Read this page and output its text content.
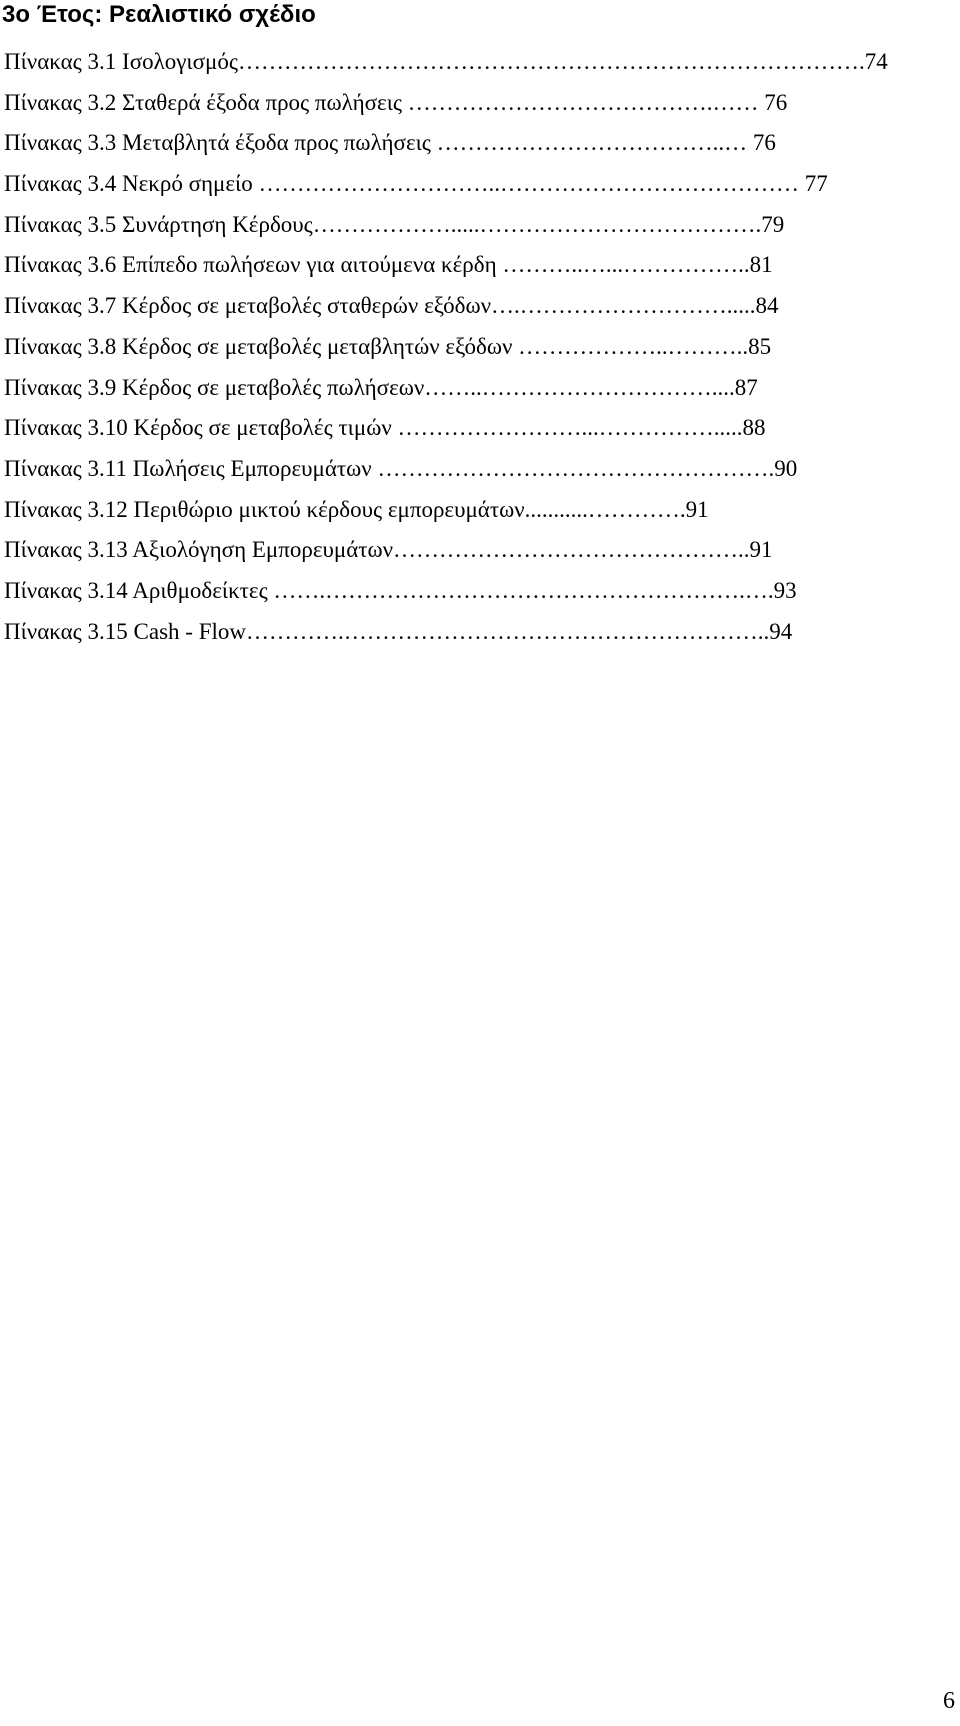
3ο Έτος: Ρεαλιστικό σχέδιο
Πίνακας 3.1 Ισολογισμός……………………………………………………………………….74
Πίνακας 3.2 Σταθερά έξοδα προς πωλήσεις ………………………………….…… 76
Πίνακας 3.3 Μεταβλητά έξοδα προς πωλήσεις ………………………………..… 76
Πίνακας 3.4 Νεκρό σημείο …………………………..………………………………… 77
Πίνακας 3.5 Συνάρτηση Κέρδους……………….....……………………………….79
Πίνακας 3.6 Επίπεδο πωλήσεων για αιτούμενα κέρδη ………..…...……………..81
Πίνακας 3.7 Κέρδος σε μεταβολές σταθερών εξόδων….……………………….....84
Πίνακας 3.8 Κέρδος σε μεταβολές μεταβλητών εξόδων ………………..………..85
Πίνακας 3.9 Κέρδος σε μεταβολές πωλήσεων……..…………………………....87
Πίνακας 3.10 Κέρδος σε μεταβολές τιμών ……………………...…………….....88
Πίνακας 3.11 Πωλήσεις Εμπορευμάτων …………………………………………….90
Πίνακας 3.12 Περιθώριο μικτού κέρδους εμπορευμάτων...........………….91
Πίνακας 3.13 Αξιολόγηση Εμπορευμάτων………………………………………..91
Πίνακας 3.14 Αριθμοδείκτες …….……………………………………………….….93
Πίνακας 3.15 Cash - Flow………….………………………………………………..94
6
